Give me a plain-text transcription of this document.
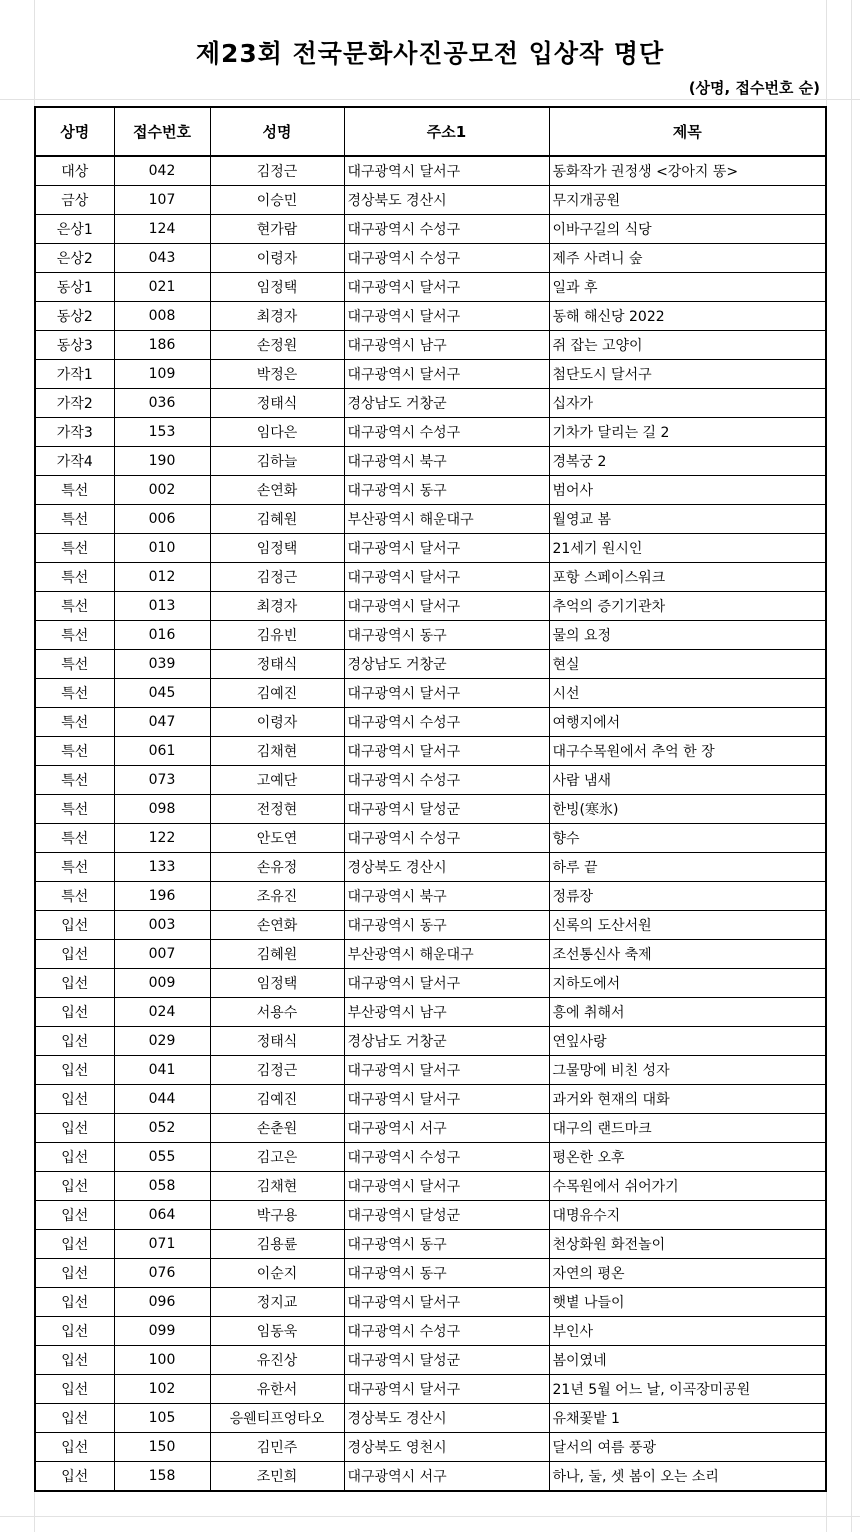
제23회 전국문화사진공모전 입상작 명단
(상명, 접수번호 순)
상명	접수번호	성명	주소1	제목
대상	042	김정근	대구광역시 달서구	동화작가 권정생 <강아지 똥>
금상	107	이승민	경상북도 경산시	무지개공원
은상1	124	현가람	대구광역시 수성구	이바구길의 식당
은상2	043	이령자	대구광역시 수성구	제주 사려니 숲
동상1	021	임정택	대구광역시 달서구	일과 후
동상2	008	최경자	대구광역시 달서구	동해 해신당 2022
동상3	186	손정원	대구광역시 남구	쥐 잡는 고양이
가작1	109	박정은	대구광역시 달서구	첨단도시 달서구
가작2	036	정태식	경상남도 거창군	십자가
가작3	153	임다은	대구광역시 수성구	기차가 달리는 길 2
가작4	190	김하늘	대구광역시 북구	경복궁 2
특선	002	손연화	대구광역시 동구	범어사
특선	006	김혜원	부산광역시 해운대구	월영교 봄
특선	010	임정택	대구광역시 달서구	21세기 원시인
특선	012	김정근	대구광역시 달서구	포항 스페이스워크
특선	013	최경자	대구광역시 달서구	추억의 증기기관차
특선	016	김유빈	대구광역시 동구	물의 요정
특선	039	정태식	경상남도 거창군	현실
특선	045	김예진	대구광역시 달서구	시선
특선	047	이령자	대구광역시 수성구	여행지에서
특선	061	김채현	대구광역시 달서구	대구수목원에서 추억 한 장
특선	073	고예단	대구광역시 수성구	사람 냄새
특선	098	전정현	대구광역시 달성군	한빙(寒氷)
특선	122	안도연	대구광역시 수성구	향수
특선	133	손유정	경상북도 경산시	하루 끝
특선	196	조유진	대구광역시 북구	정류장
입선	003	손연화	대구광역시 동구	신록의 도산서원
입선	007	김혜원	부산광역시 해운대구	조선통신사 축제
입선	009	임정택	대구광역시 달서구	지하도에서
입선	024	서용수	부산광역시 남구	흥에 취해서
입선	029	정태식	경상남도 거창군	연잎사랑
입선	041	김정근	대구광역시 달서구	그물망에 비친 성자
입선	044	김예진	대구광역시 달서구	과거와 현재의 대화
입선	052	손춘원	대구광역시 서구	대구의 랜드마크
입선	055	김고은	대구광역시 수성구	평온한 오후
입선	058	김채현	대구광역시 달서구	수목원에서 쉬어가기
입선	064	박구용	대구광역시 달성군	대명유수지
입선	071	김용륜	대구광역시 동구	천상화원 화전놀이
입선	076	이순지	대구광역시 동구	자연의 평온
입선	096	정지교	대구광역시 달서구	햇볕 나들이
입선	099	임동욱	대구광역시 수성구	부인사
입선	100	유진상	대구광역시 달성군	봄이였네
입선	102	유한서	대구광역시 달서구	21년 5월 어느 날, 이곡장미공원
입선	105	응웬티프엉타오	경상북도 경산시	유채꽃밭 1
입선	150	김민주	경상북도 영천시	달서의 여름 풍광
입선	158	조민희	대구광역시 서구	하나, 둘, 셋 봄이 오는 소리
